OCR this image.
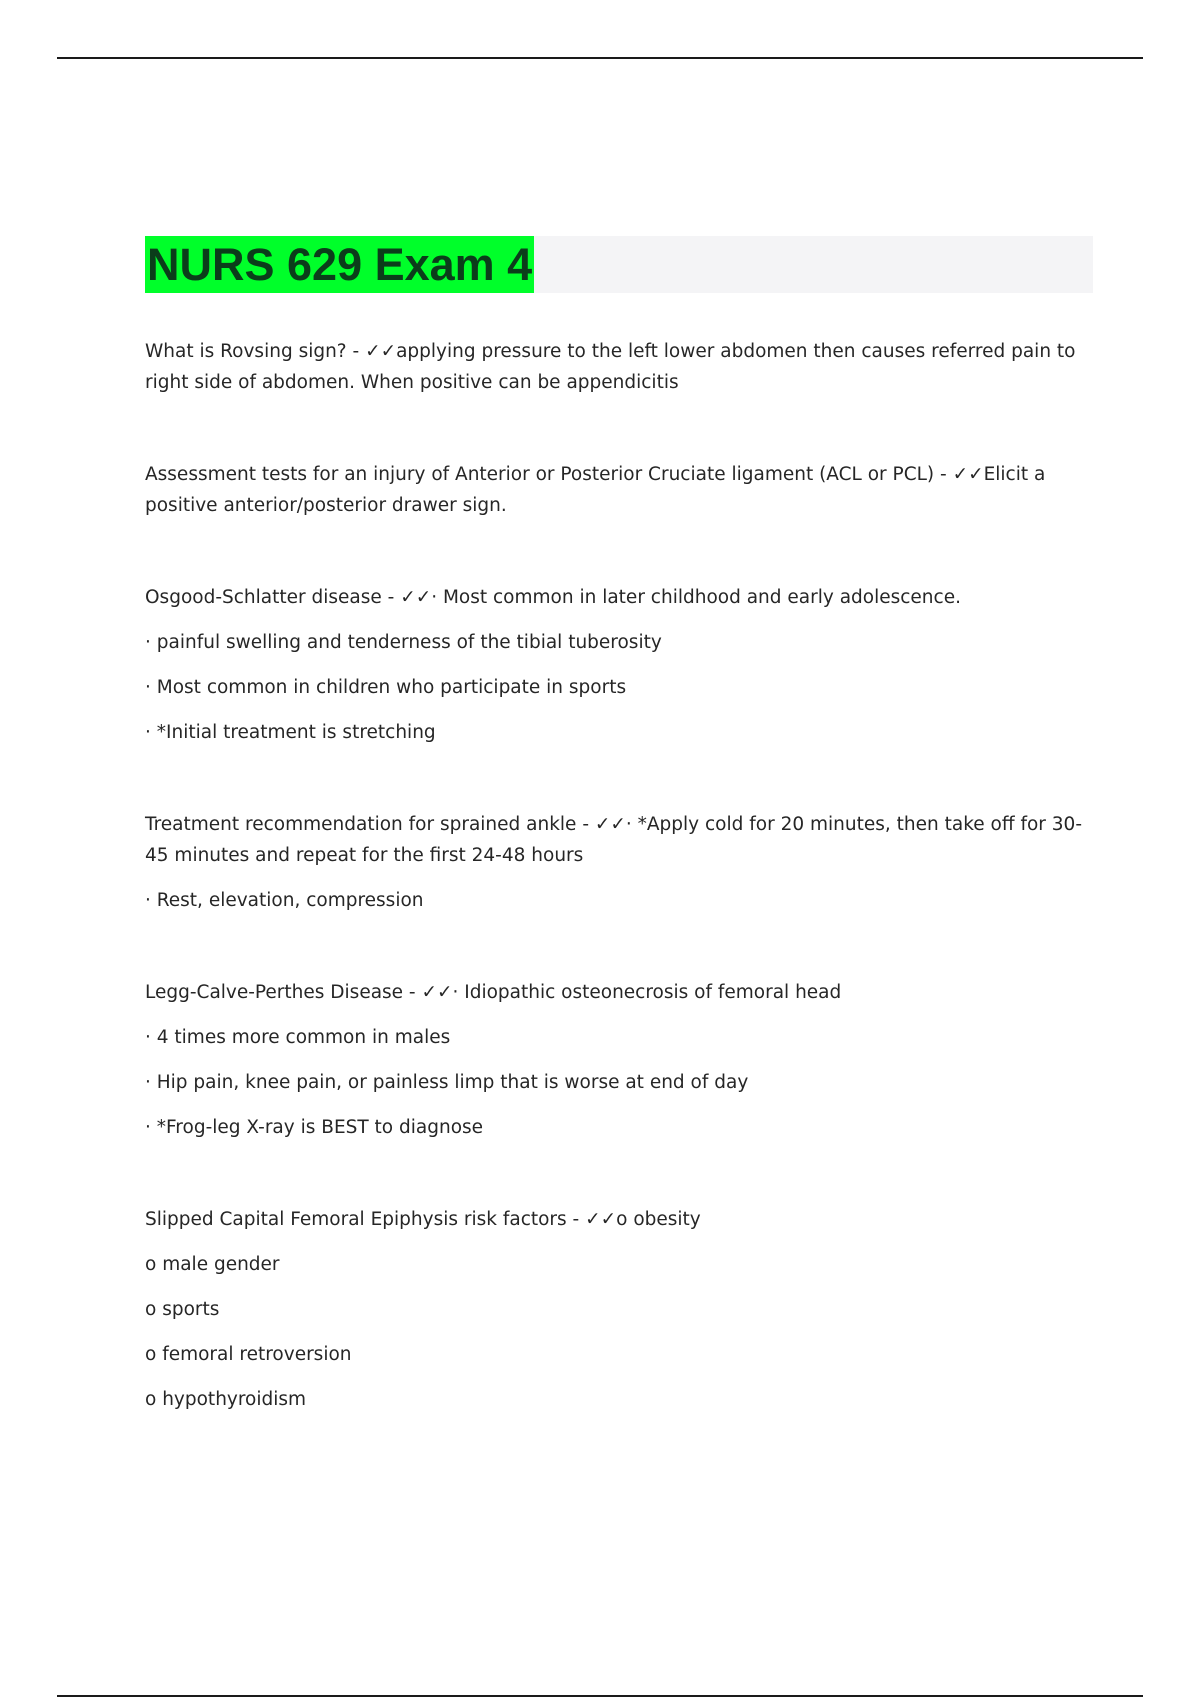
NURS 629 Exam 4

What is Rovsing sign? - ✓✓applying pressure to the left lower abdomen then causes referred pain to right side of abdomen. When positive can be appendicitis

Assessment tests for an injury of Anterior or Posterior Cruciate ligament (ACL or PCL) - ✓✓Elicit a positive anterior/posterior drawer sign.

Osgood-Schlatter disease - ✓✓· Most common in later childhood and early adolescence.

· painful swelling and tenderness of the tibial tuberosity

· Most common in children who participate in sports

· *Initial treatment is stretching

Treatment recommendation for sprained ankle - ✓✓· *Apply cold for 20 minutes, then take off for 30-45 minutes and repeat for the first 24-48 hours

· Rest, elevation, compression

Legg-Calve-Perthes Disease - ✓✓· Idiopathic osteonecrosis of femoral head

· 4 times more common in males

· Hip pain, knee pain, or painless limp that is worse at end of day

· *Frog-leg X-ray is BEST to diagnose

Slipped Capital Femoral Epiphysis risk factors - ✓✓o obesity

o male gender

o sports

o femoral retroversion

o hypothyroidism
